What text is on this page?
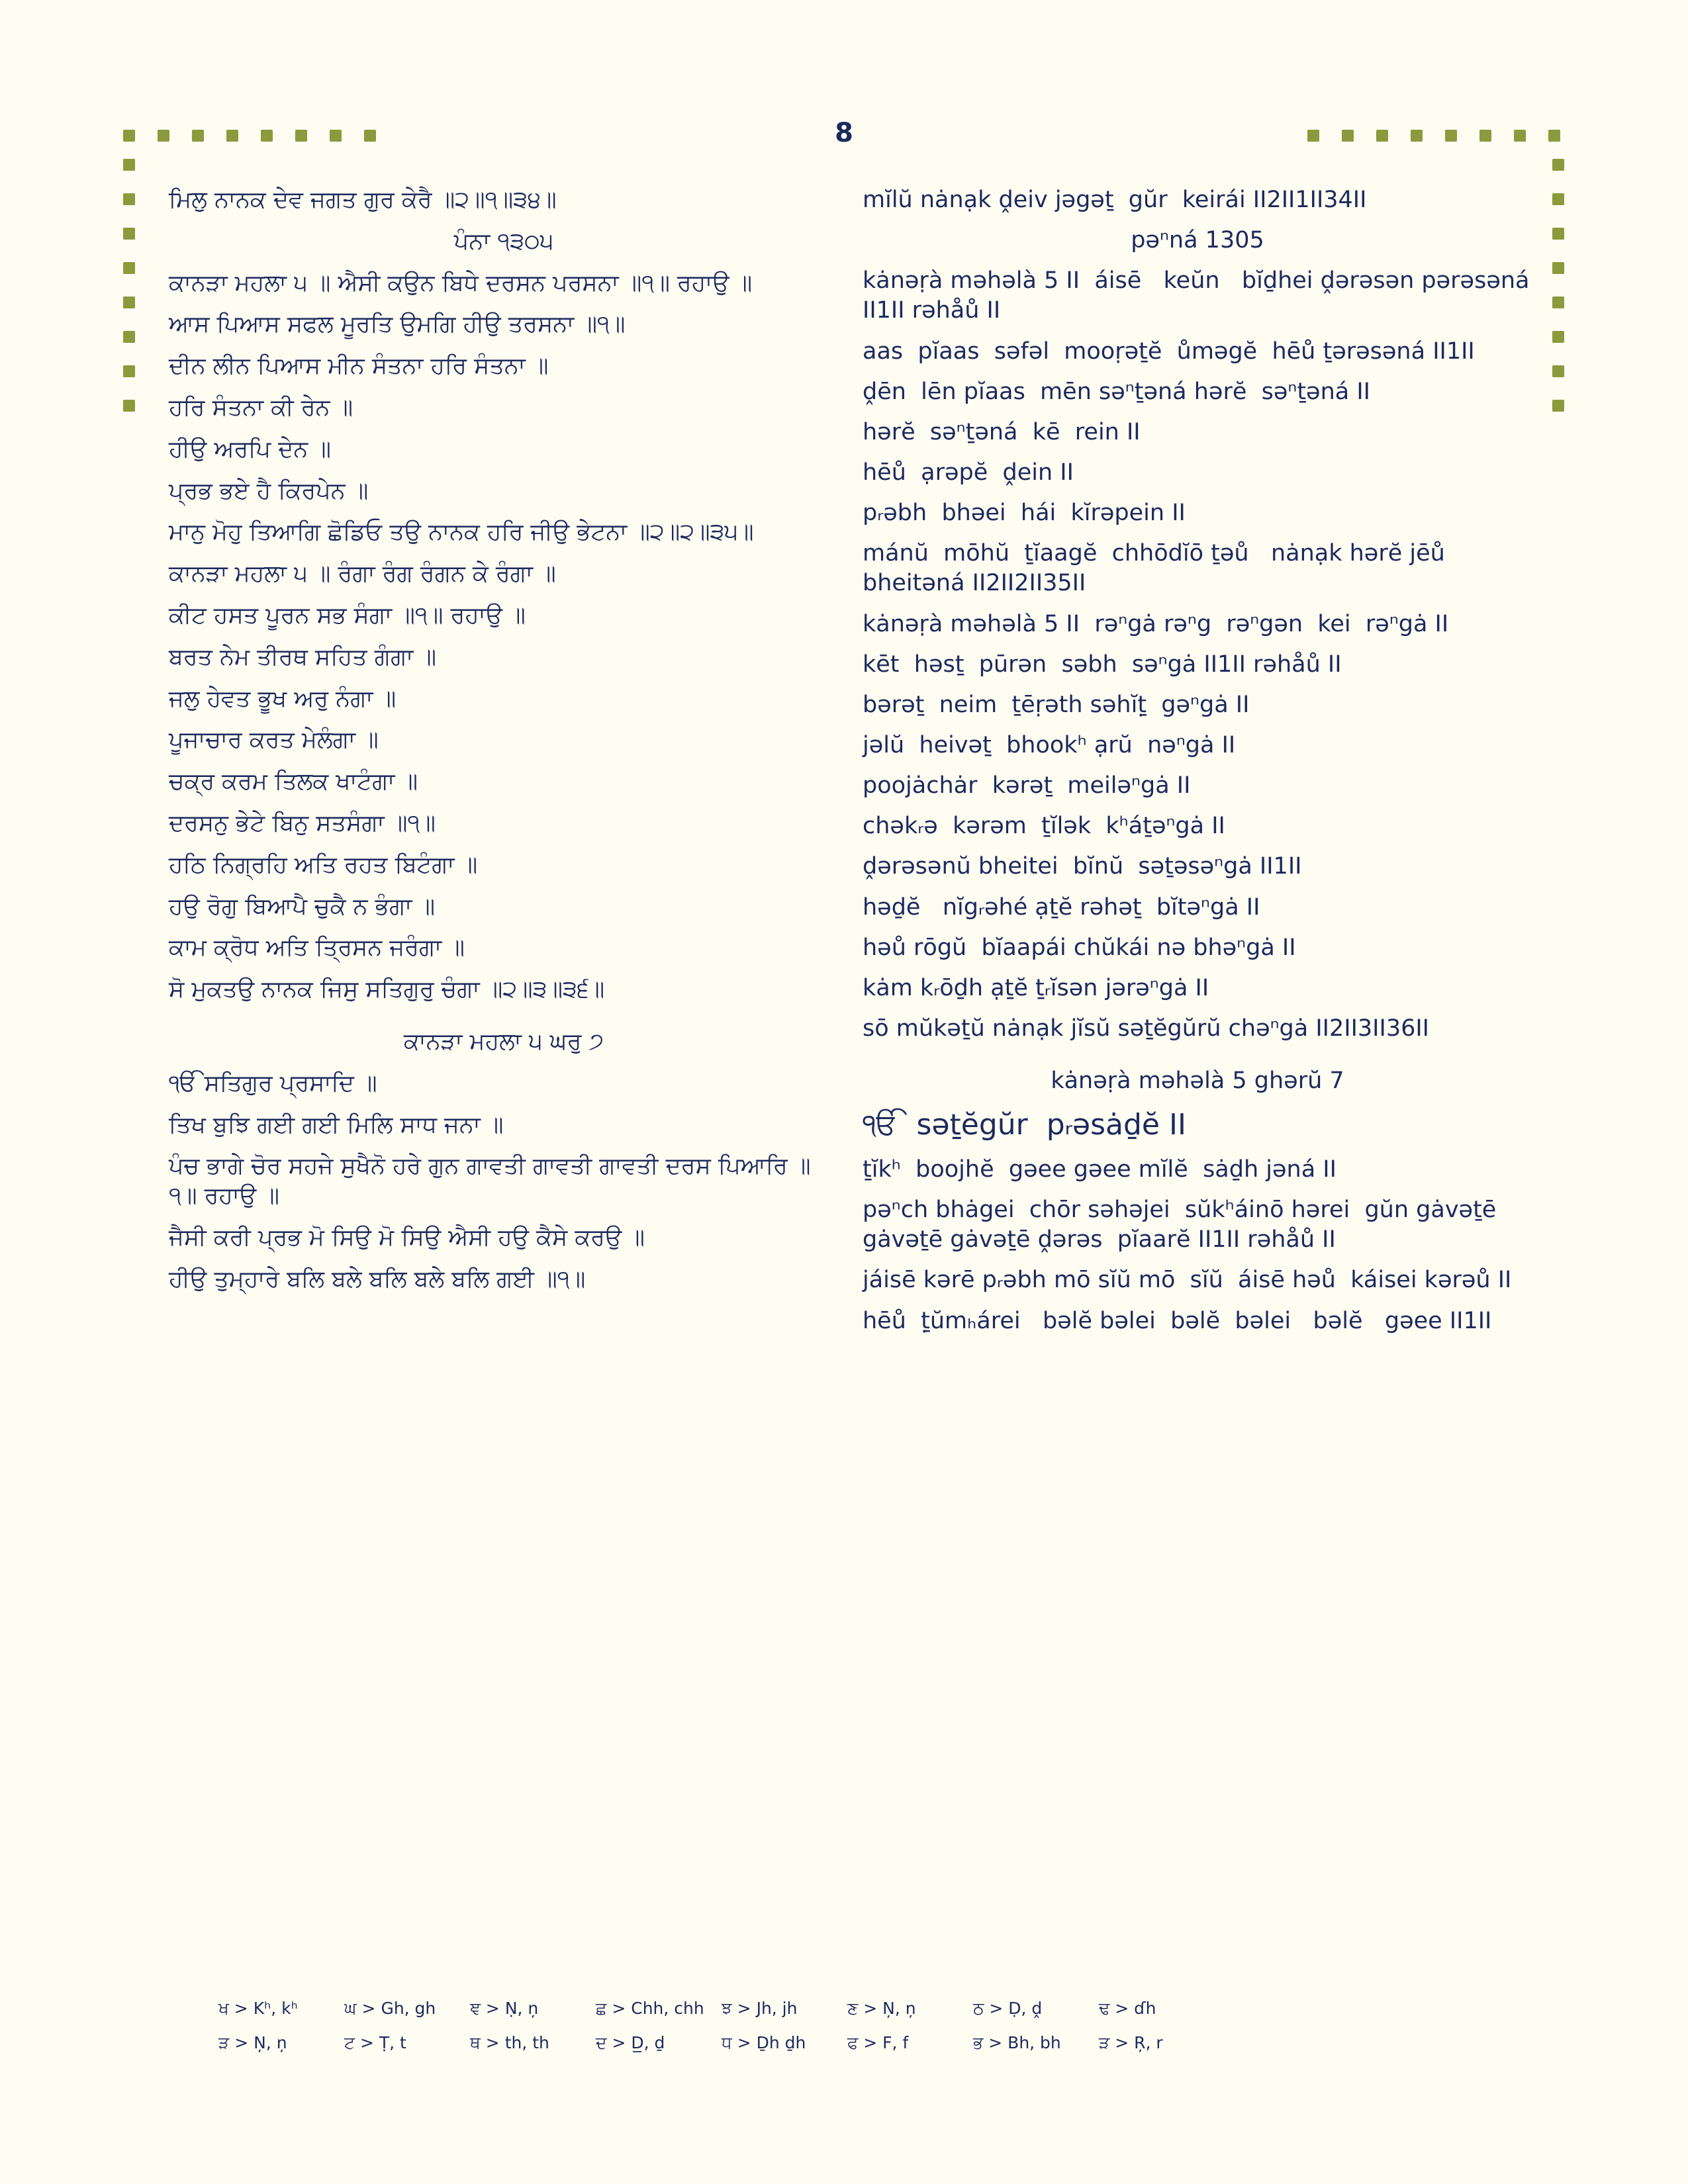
8

ਮਿਲੁ ਨਾਨਕ ਦੇਵ ਜਗਤ ਗੁਰ ਕੇਰੈ ॥੨॥੧॥੩੪॥

ਪੰਨਾ ੧੩੦੫

ਕਾਨੜਾ ਮਹਲਾ ੫ ॥ ਐਸੀ ਕਉਨ ਬਿਧੇ ਦਰਸਨ ਪਰਸਨਾ ॥੧॥ ਰਹਾਉ ॥

ਆਸ ਪਿਆਸ ਸਫਲ ਮੂਰਤਿ ਉਮਗਿ ਹੀਉ ਤਰਸਨਾ ॥੧॥

ਦੀਨ ਲੀਨ ਪਿਆਸ ਮੀਨ ਸੰਤਨਾ ਹਰਿ ਸੰਤਨਾ ॥

ਹਰਿ ਸੰਤਨਾ ਕੀ ਰੇਨ ॥

ਹੀਉ ਅਰਪਿ ਦੇਨ ॥

ਪ੍ਰਭ ਭਏ ਹੈ ਕਿਰਪੇਨ ॥

ਮਾਨੁ ਮੋਹੁ ਤਿਆਗਿ ਛੋਡਿਓ ਤਉ ਨਾਨਕ ਹਰਿ ਜੀਉ ਭੇਟਨਾ ॥੨॥੨॥੩੫॥

ਕਾਨੜਾ ਮਹਲਾ ੫ ॥ ਰੰਗਾ ਰੰਗ ਰੰਗਨ ਕੇ ਰੰਗਾ ॥

ਕੀਟ ਹਸਤ ਪੂਰਨ ਸਭ ਸੰਗਾ ॥੧॥ ਰਹਾਉ ॥

ਬਰਤ ਨੇਮ ਤੀਰਥ ਸਹਿਤ ਗੰਗਾ ॥

ਜਲੁ ਹੇਵਤ ਭੂਖ ਅਰੁ ਨੰਗਾ ॥

ਪੂਜਾਚਾਰ ਕਰਤ ਮੇਲੰਗਾ ॥

ਚਕ੍ਰ ਕਰਮ ਤਿਲਕ ਖਾਟੰਗਾ ॥

ਦਰਸਨੁ ਭੇਟੇ ਬਿਨੁ ਸਤਸੰਗਾ ॥੧॥

ਹਠਿ ਨਿਗ੍ਰਹਿ ਅਤਿ ਰਹਤ ਬਿਟੰਗਾ ॥

ਹਉ ਰੋਗੁ ਬਿਆਪੈ ਚੁਕੈ ਨ ਭੰਗਾ ॥

ਕਾਮ ਕ੍ਰੋਧ ਅਤਿ ਤ੍ਰਿਸਨ ਜਰੰਗਾ ॥

ਸੋ ਮੁਕਤਉ ਨਾਨਕ ਜਿਸੁ ਸਤਿਗੁਰੁ ਚੰਗਾ ॥੨॥੩॥੩੬॥

ਕਾਨੜਾ ਮਹਲਾ ੫ ਘਰੁ ੭

ੴ ਸਤਿਗੁਰ ਪ੍ਰਸਾਦਿ ॥

ਤਿਖ ਬੁਝਿ ਗਈ ਗਈ ਮਿਲਿ ਸਾਧ ਜਨਾ ॥

ਪੰਚ ਭਾਗੇ ਚੋਰ ਸਹਜੇ ਸੁਖੈਨੋ ਹਰੇ ਗੁਨ ਗਾਵਤੀ ਗਾਵਤੀ ਗਾਵਤੀ ਦਰਸ ਪਿਆਰਿ ॥੧॥ ਰਹਾਉ ॥

ਜੈਸੀ ਕਰੀ ਪ੍ਰਭ ਮੋ ਸਿਉ ਮੋ ਸਿਉ ਐਸੀ ਹਉ ਕੈਸੇ ਕਰਉ ॥

ਹੀਉ ਤੁਮ੍ਹਾਰੇ ਬਲਿ ਬਲੇ ਬਲਿ ਬਲੇ ਬਲਿ ਗਈ ॥੧॥

mĭlŭ nȧnạk ḓeiv jəgəṯ  gŭr  keirái II2II1II34II

pəⁿná 1305

kȧnəṛà məhəlà 5 II  áisē   keŭn   bĭḏhei ḓərəsən pərəsəná II1II rəhåů II

aas  pĭaas  səfəl  mooṛəṯĕ  ůməgĕ  hēů ṯərəsəná II1II

ḓēn  lēn pĭaas  mēn səⁿṯəná hərĕ  səⁿṯəná II

hərĕ  səⁿṯəná  kē  rein II

hēů  ạrəpĕ  ḓein II

pᵣəbh  bhəei  hái  kĭrəpein II

mánŭ  mōhŭ  ṯĭaagĕ  chhōdĭō ṯəů   nȧnạk hərĕ jēů bheitəná II2II2II35II

kȧnəṛà məhəlà 5 II  rəⁿgȧ rəⁿg  rəⁿgən  kei  rəⁿgȧ II

kēt  həsṯ  pūrən  səbh  səⁿgȧ II1II rəhåů II

bərəṯ  neim  ṯēṛəth səhĭṯ̣  gəⁿgȧ II

jəlŭ  heivəṯ  bhookʰ ạrŭ  nəⁿgȧ II

poojȧchȧr  kərəṯ  meiləⁿgȧ II

chəkᵣə  kərəm  ṯĭlək  kʰáṯəⁿgȧ II

ḓərəsənŭ bheitei  bĭnŭ  səṯəsəⁿgȧ II1II

həḏĕ   nĭgᵣəhé ạṯĕ rəhəṯ  bĭtəⁿgȧ II

həů rōgŭ  bĭaapái chŭkái nə bhəⁿgȧ II

kȧm kᵣōḏh ạṯĕ ṯᵣĭsən jərəⁿgȧ II

sō mŭkəṯŭ nȧnạk jĭsŭ səṯĕgŭrŭ chəⁿgȧ II2II3II36II

kȧnəṛà məhəlà 5 ghərŭ 7

ੴ  səṯĕgŭr  pᵣəsȧḏĕ II

ṯĭkʰ  boojhĕ  gəee gəee mĭlĕ  sȧḏh jəná II

pəⁿch bhȧgei  chōr səhəjei  sŭkʰáinō hərei  gŭn gȧvəṯē  gȧvəṯē gȧvəṯē ḓərəs  pĭaarĕ II1II rəhåů II

jáisē kərē pᵣəbh mō sĭŭ mō  sĭŭ  áisē həů  káisei kərəů II

hēů  ṯ̣ŭmₕárei   bəlĕ bəlei  bəlĕ  bəlei   bəlĕ   gəee II1II

ਖ > Kʰ, kʰ	ਘ > Gh, gh	ਞ > Ṇ, ņ	ਛ > Chh, chh	ਝ > Jh, jh	ਣ > N̦, ņ	ਠ > Ḍ, ḓ	ਢ > ɗh
ੜ > N̦, ņ	ਟ > Ṭ, t	ਥ > th, th	ਦ > D̲, ḏ	ਧ > Ḏh ḏh	ਫ > F, f	ਭ > Bh, bh	ੜ > Ŗ, r
